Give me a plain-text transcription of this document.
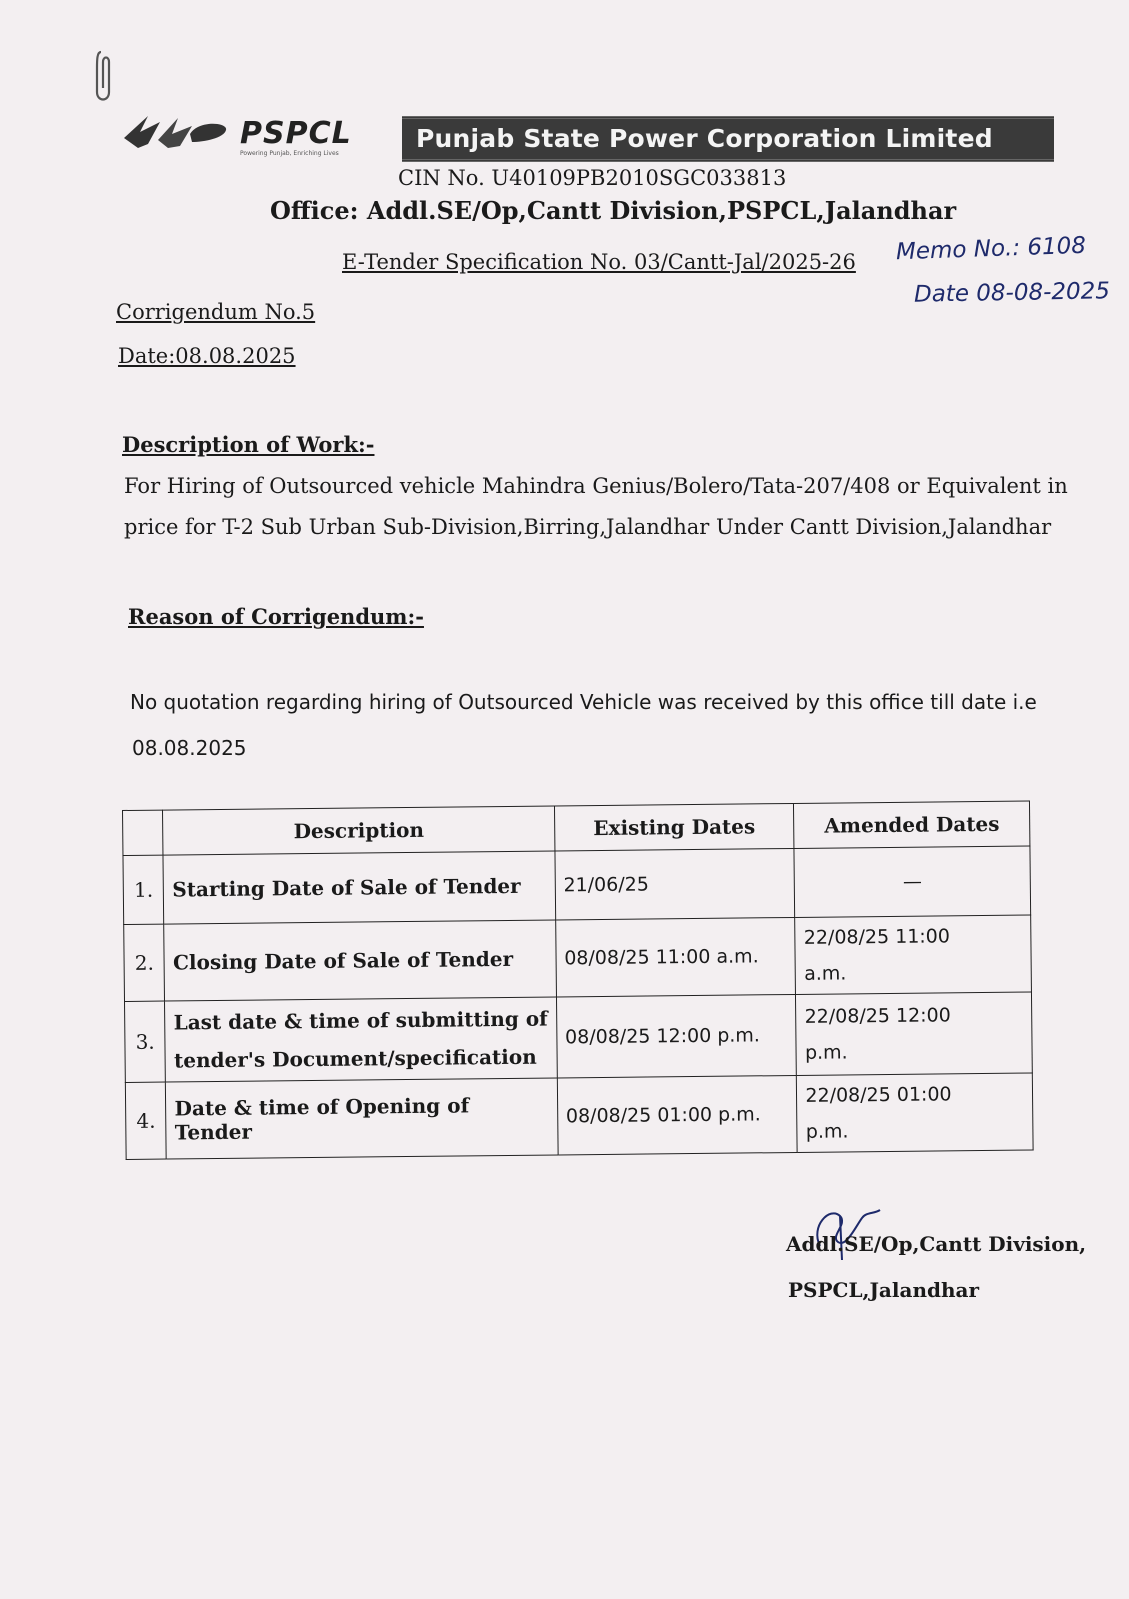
PSPCL
Powering Punjab, Enriching Lives
Punjab State Power Corporation Limited
CIN No. U40109PB2010SGC033813
Office: Addl.SE/Op,Cantt Division,PSPCL,Jalandhar
E-Tender Specification No. 03/Cantt-Jal/2025-26 Memo No.: 6108
Date 08-08-2025
Corrigendum No.5
Date:08.08.2025
Description of Work:-
For Hiring of Outsourced vehicle Mahindra Genius/Bolero/Tata-207/408 or Equivalent in
price for T-2 Sub Urban Sub-Division,Birring,Jalandhar Under Cantt Division,Jalandhar
Reason of Corrigendum:-
No quotation regarding hiring of Outsourced Vehicle was received by this office till date i.e
08.08.2025
	Description	Existing Dates	Amended Dates
1.	Starting Date of Sale of Tender	21/06/25	—

2.	Closing Date of Sale of Tender	08/08/25 11:00 a.m.	22/08/25 11:00
a.m.
3.	Last date & time of submitting of tender's Document/specification	08/08/25 12:00 p.m.	22/08/25 12:00
p.m.
4.	Date & time of Opening of Tender	08/08/25 01:00 p.m.	22/08/25 01:00
p.m.
Addl.SE/Op,Cantt Division,
PSPCL,Jalandhar
